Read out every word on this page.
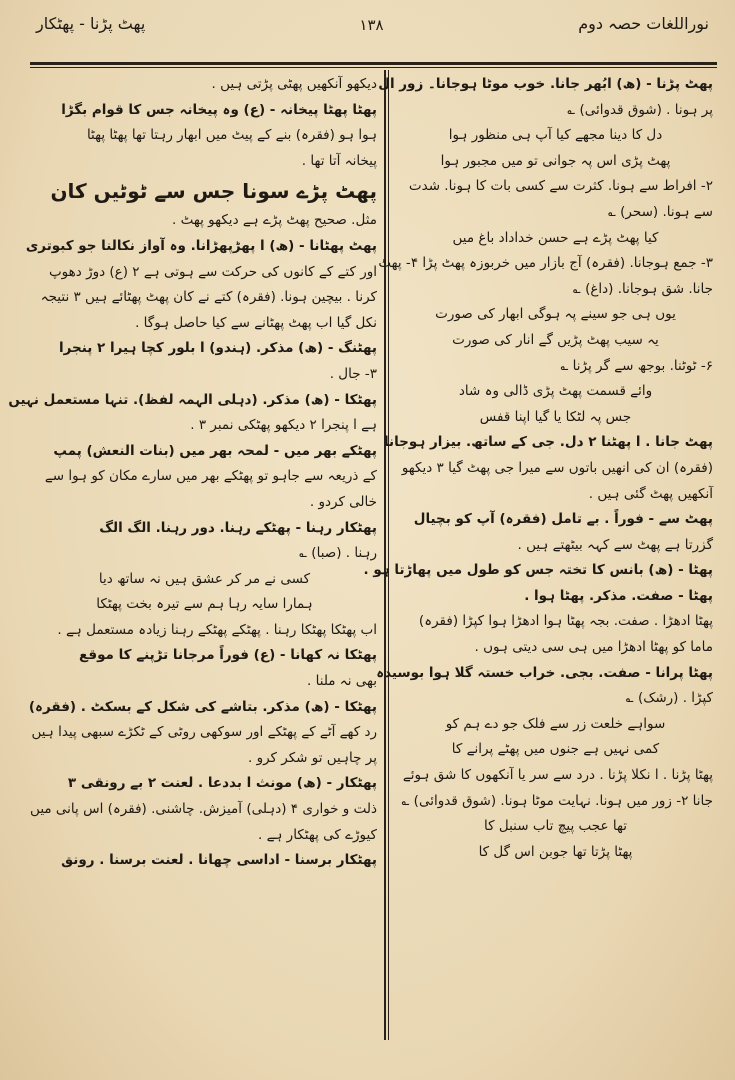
نوراللغات حصہ دوم
۱۳۸
پھٹ پڑنا - پھٹکار
پھٹ پڑنا - (ھ) ابُھر جانا. خوب موٹا ہوجانا۔ زور ال
پر ہونا . (شوق قدوائی) ؎
دل کا دینا مجھے کیا آپ ہی منظور ہوا
پھٹ پڑی اس پہ جوانی تو میں مجبور ہوا
۲- افراط سے ہونا. کثرت سے کسی بات کا ہونا. شدت
سے ہونا. (سحر) ؎
کیا پھٹ پڑے ہے حسن خداداد باغ میں
۳- جمع ہوجانا. (فقرہ) آج بازار میں خربوزہ پھٹ پڑا ۴- پھٹ
جانا. شق ہوجانا. (داغ) ؎
یوں ہی جو سینے پہ ہوگی ابھار کی صورت
یہ سیب پھٹ پڑیں گے انار کی صورت
۶- ٹوٹنا. بوجھ سے گر پڑنا ؎
وائے قسمت پھٹ پڑی ڈالی وہ شاد
جس پہ لٹکا یا گیا اپنا قفس
پھٹ جانا . ا پھٹنا ۲ دل. جی کے ساتھ. بیزار ہوجانا
(فقرہ) ان کی انھیں باتوں سے میرا جی پھٹ گیا ۳ دیکھو
آنکھیں پھٹ گئی ہیں .
پھٹ سے - فوراً . بے تامل (فقرہ) آپ کو بچیال
گزرتا ہے پھٹ سے کہہ بیٹھتے ہیں .
پھٹا - (ھ) بانس کا تختہ جس کو طول میں پھاڑتا ہو .
پھٹا - صفت. مذکر. پھٹا ہوا .
پھٹا ادھڑا . صفت. بجہ پھٹا ہوا ادھڑا ہوا کپڑا (فقرہ)
ماما کو پھٹا ادھڑا میں ہی سی دیتی ہوں .
پھٹا پرانا - صفت. بجی. خراب خستہ گلا ہوا بوسیدہ
کپڑا . (رشک) ؎
سواہے خلعت زر سے فلک جو دے ہم کو
کمی نہیں ہے جنوں میں پھٹے پرانے کا
پھٹا پڑنا . ا نکلا پڑنا . درد سے سر یا آنکھوں کا شق ہوئے
جانا ۲- زور میں ہونا. نہایت موٹا ہونا. (شوق قدوائی) ؎
تھا عجب پیچ تاب سنبل کا
پھٹا پڑتا تھا جوبن اس گل کا
دیکھو آنکھیں پھٹی پڑتی ہیں .
پھٹا پھٹا پیخانہ - (ع) وہ پیخانہ جس کا قوام بگڑا
ہوا ہو (فقرہ) بنے کے پیٹ میں ابھار رہتا تھا پھٹا پھٹا
پیخانہ آتا تھا .
پھٹ پڑے سونا جس سے ٹوٹیں کان
مثل. صحیح پھٹ پڑے ہے دیکھو پھٹ .
پھٹ پھٹانا - (ھ) ا پھڑپھڑانا. وہ آواز نکالنا جو کبوتری
اور کتے کے کانوں کی حرکت سے ہوتی ہے ۲ (ع) دوڑ دھوپ
کرنا . بیچین ہونا. (فقرہ) کتے نے کان پھٹ پھٹائے ہیں ۳ نتیجہ
نکل گیا اب پھٹ پھٹانے سے کیا حاصل ہوگا .
پھٹنگ - (ھ) مذکر. (ہندو) ا بلور کچا ہیرا ۲ پنجرا
۳- جال .
پھٹکا - (ھ) مذکر. (دہلی الہمہ لفظ). تنہا مستعمل نہیں
ہے ا پنجرا ۲ دیکھو پھٹکی نمبر ۳ .
پھٹکے بھر میں - لمحہ بھر میں (بنات النعش) پمپ
کے ذریعہ سے جاہو تو پھٹکے بھر میں سارے مکان کو ہوا سے
خالی کردو .
پھٹکار رہنا - پھٹکے رہنا. دور رہنا. الگ الگ
رہنا . (صبا) ؎
کسی نے مر کر عشق ہیں نہ ساتھ دیا
ہمارا سایہ رہا ہم سے تیرہ بخت پھٹکا
اب پھٹکا پھٹکا رہنا . پھٹکے پھٹکے رہنا زیادہ مستعمل ہے .
پھٹکا نہ کھانا - (ع) فوراً مرجانا تڑپنے کا موقع
بھی نہ ملنا .
پھٹکا - (ھ) مذکر. بتاشے کی شکل کے بسکٹ . (فقرہ)
رد کھے آٹے کے پھٹکے اور سوکھی روٹی کے ٹکڑے سبھی پیدا ہیں
پر چاہیں تو شکر کرو .
پھٹکار - (ھ) مونث ا بددعا . لعنت ۲ بے رونقی ۳
ذلت و خواری ۴ (دہلی) آمیزش. چاشنی. (فقرہ) اس پانی میں
کیوڑے کی پھٹکار ہے .
پھٹکار برسنا - اداسی چھانا . لعنت برسنا . رونق
